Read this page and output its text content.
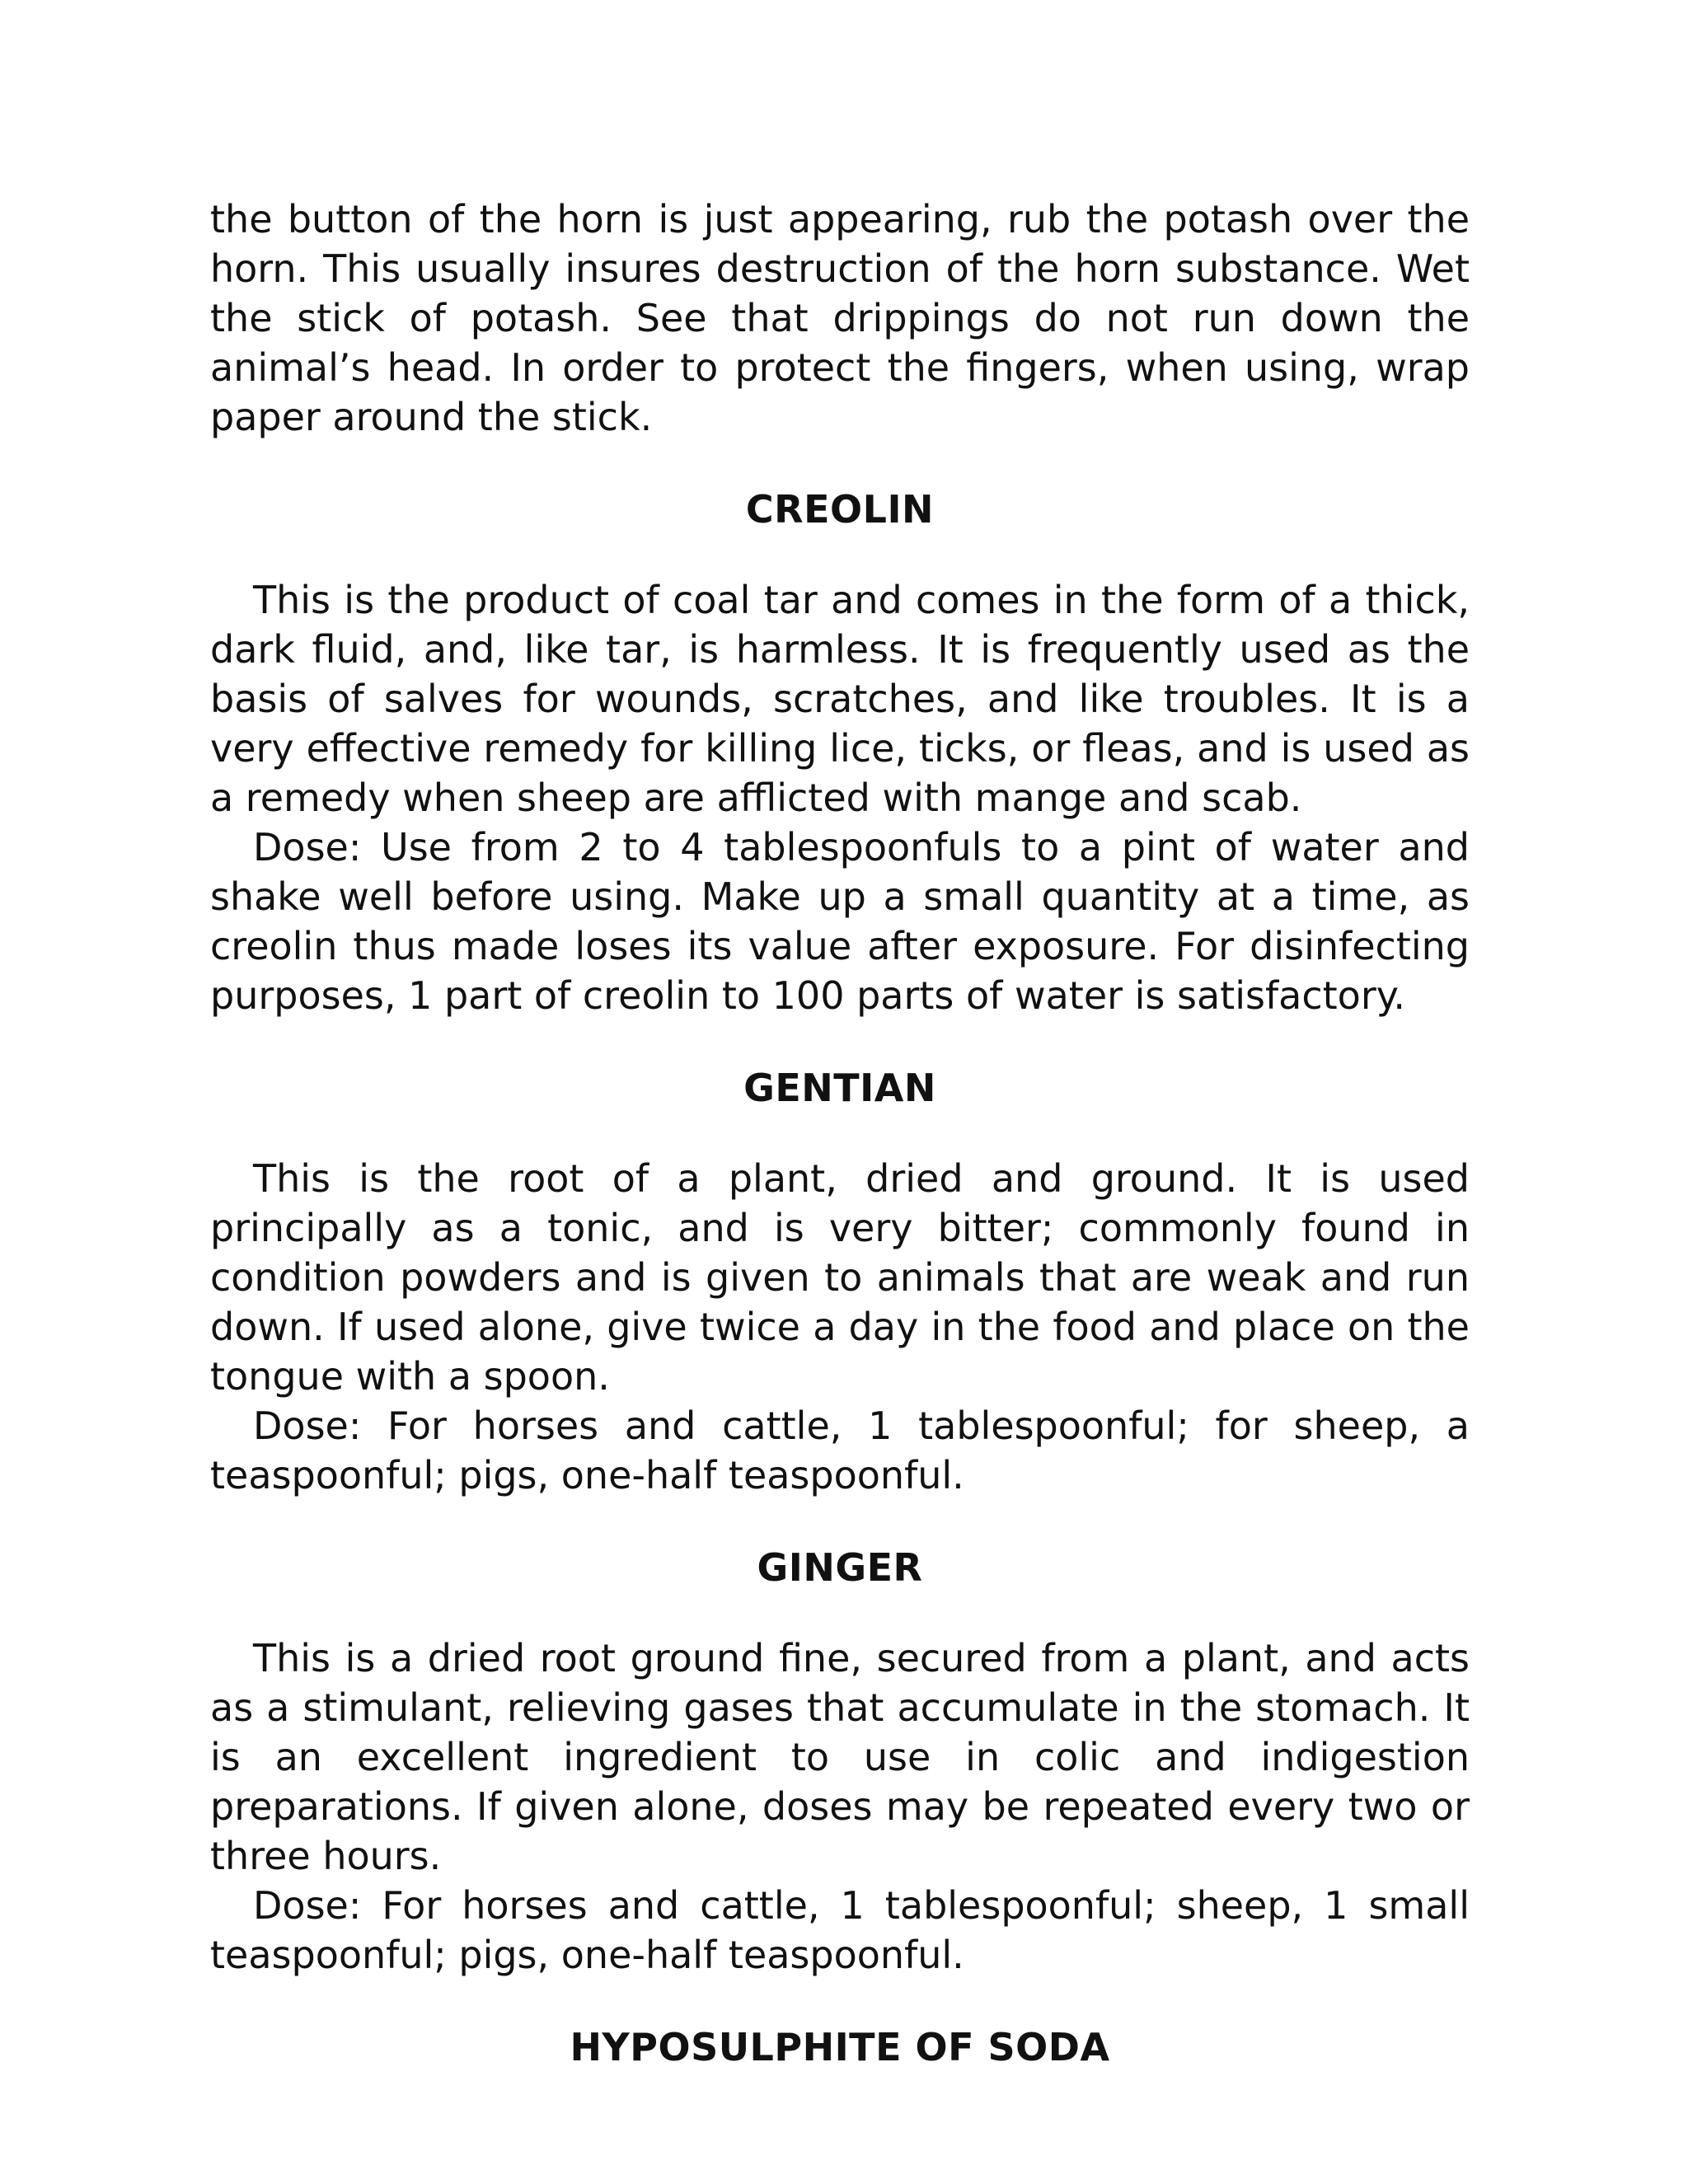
the button of the horn is just appearing, rub the potash over the horn. This usually insures destruction of the horn substance. Wet the stick of potash. See that drippings do not run down the animal’s head. In order to protect the fingers, when using, wrap paper around the stick.

CREOLIN

This is the product of coal tar and comes in the form of a thick, dark fluid, and, like tar, is harmless. It is frequently used as the basis of salves for wounds, scratches, and like troubles. It is a very effective remedy for killing lice, ticks, or fleas, and is used as a remedy when sheep are afflicted with mange and scab.

Dose: Use from 2 to 4 tablespoonfuls to a pint of water and shake well before using. Make up a small quantity at a time, as creolin thus made loses its value after exposure. For disinfecting purposes, 1 part of creolin to 100 parts of water is satisfactory.

GENTIAN

This is the root of a plant, dried and ground. It is used principally as a tonic, and is very bitter; commonly found in condition powders and is given to animals that are weak and run down. If used alone, give twice a day in the food and place on the tongue with a spoon.

Dose: For horses and cattle, 1 tablespoonful; for sheep, a teaspoonful; pigs, one-half teaspoonful.

GINGER

This is a dried root ground fine, secured from a plant, and acts as a stimulant, relieving gases that accumulate in the stomach. It is an excellent ingredient to use in colic and indigestion preparations. If given alone, doses may be repeated every two or three hours.

Dose: For horses and cattle, 1 tablespoonful; sheep, 1 small teaspoonful; pigs, one-half teaspoonful.

HYPOSULPHITE OF SODA
